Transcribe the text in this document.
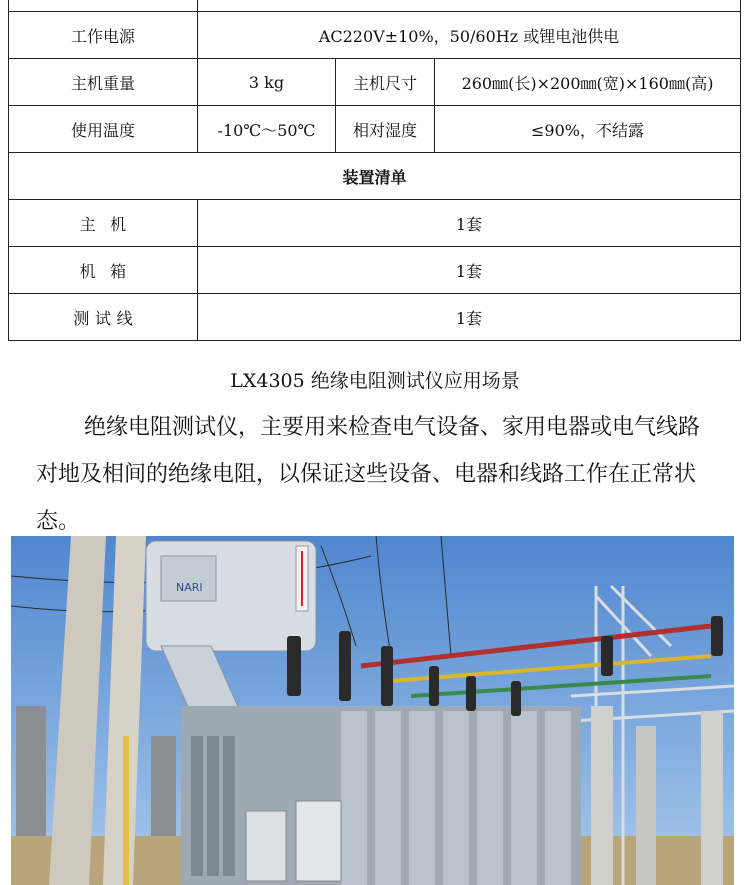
工作电源	AC220V±10%，50/60Hz 或锂电池供电		
主机重量	3 kg	主机尺寸	260㎜(长)×200㎜(宽)×160㎜(高)
使用温度	-10℃～50℃	相对湿度	≤90%，不结露
装置清单			
主机	1套		
机箱	1套		
测试线	1套		
LX4305 绝缘电阻测试仪应用场景
绝缘电阻测试仪，主要用来检查电气设备、家用电器或电气线路对地及相间的绝缘电阻，以保证这些设备、电器和线路工作在正常状态。
NARI
